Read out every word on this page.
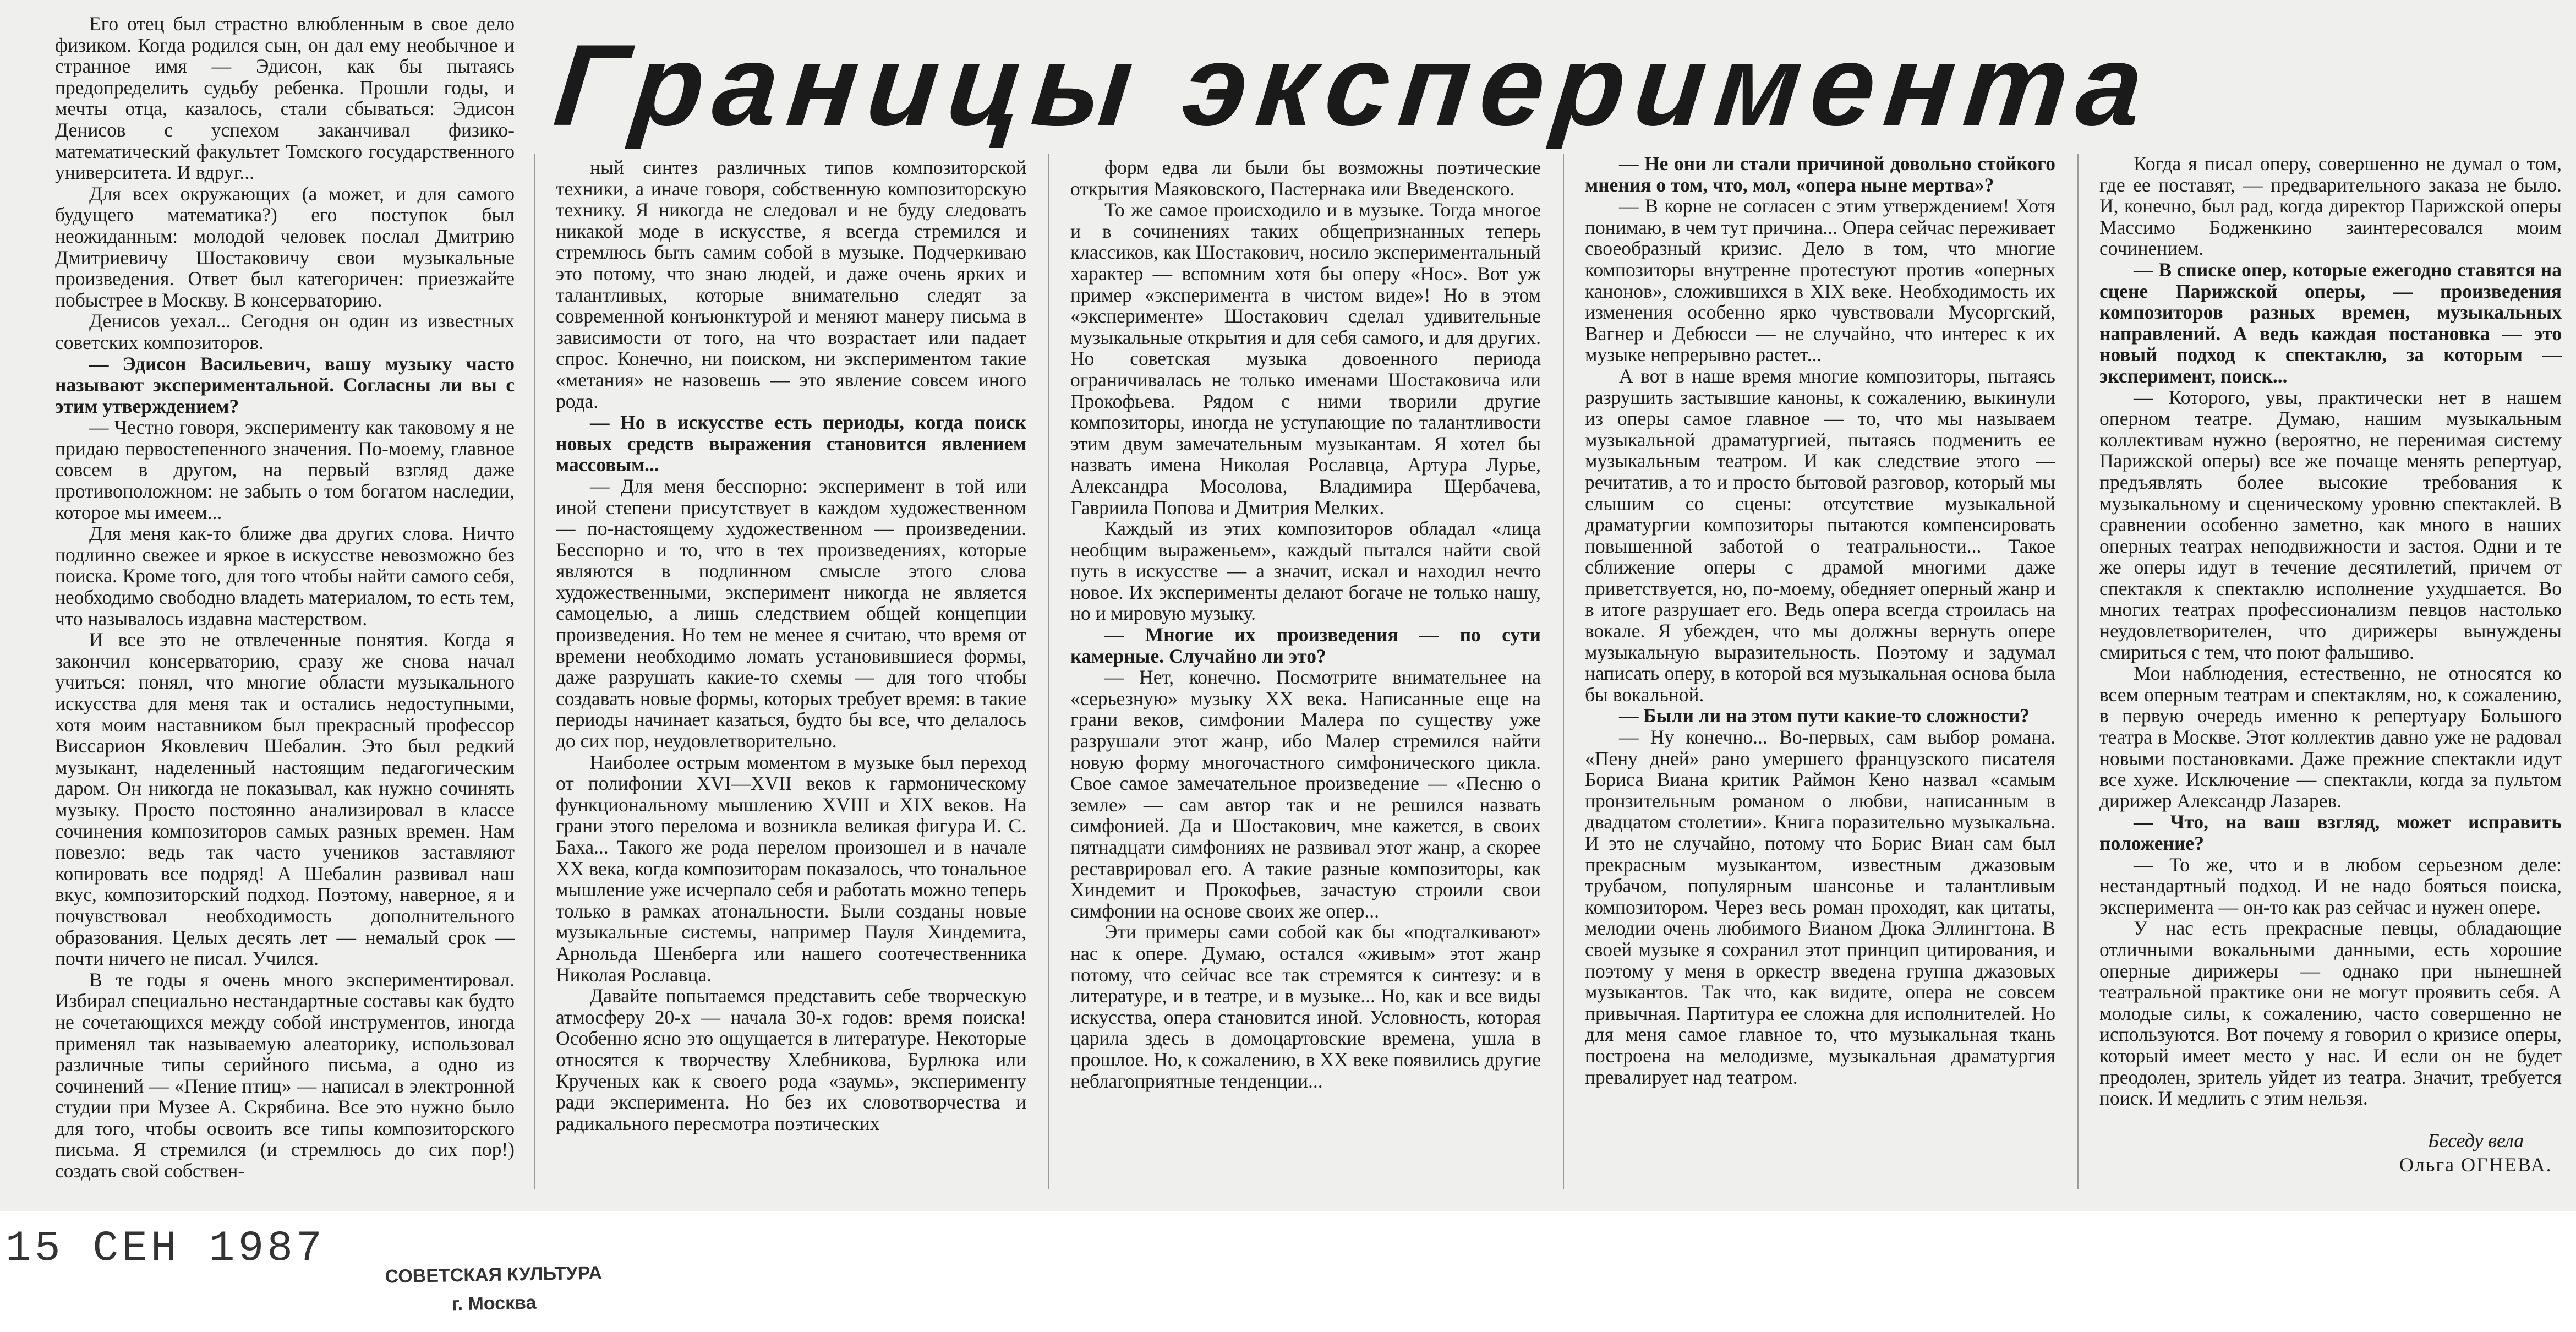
Границы эксперимента

Его отец был страстно влюбленным в свое дело физиком. Когда родился сын, он дал ему необычное и странное имя — Эдисон, как бы пытаясь предопределить судьбу ребенка. Прошли годы, и мечты отца, казалось, стали сбываться: Эдисон Денисов с успехом заканчивал физико-математический факультет Томского государственного университета. И вдруг...

Для всех окружающих (а может, и для самого будущего математика?) его поступок был неожиданным: молодой человек послал Дмитрию Дмитриевичу Шостаковичу свои музыкальные произведения. Ответ был категоричен: приезжайте побыстрее в Москву. В консерваторию.

Денисов уехал... Сегодня он один из известных советских композиторов.

— Эдисон Васильевич, вашу музыку часто называют экспериментальной. Согласны ли вы с этим утверждением?

— Честно говоря, эксперименту как таковому я не придаю первостепенного значения. По-моему, главное совсем в другом, на первый взгляд даже противоположном: не забыть о том богатом наследии, которое мы имеем...

Для меня как-то ближе два других слова. Ничто подлинно свежее и яркое в искусстве невозможно без поиска. Кроме того, для того чтобы найти самого себя, необходимо свободно владеть материалом, то есть тем, что называлось издавна мастерством.

И все это не отвлеченные понятия. Когда я закончил консерваторию, сразу же снова начал учиться: понял, что многие области музыкального искусства для меня так и остались недоступными, хотя моим наставником был прекрасный профессор Виссарион Яковлевич Шебалин. Это был редкий музыкант, наделенный настоящим педагогическим даром. Он никогда не показывал, как нужно сочинять музыку. Просто постоянно анализировал в классе сочинения композиторов самых разных времен. Нам повезло: ведь так часто учеников заставляют копировать все подряд! А Шебалин развивал наш вкус, композиторский подход. Поэтому, наверное, я и почувствовал необходимость дополнительного образования. Целых десять лет — немалый срок — почти ничего не писал. Учился.

В те годы я очень много экспериментировал. Избирал специально нестандартные составы как будто не сочетающихся между собой инструментов, иногда применял так называемую алеаторику, использовал различные типы серийного письма, а одно из сочинений — «Пение птиц» — написал в электронной студии при Музее А. Скрябина. Все это нужно было для того, чтобы освоить все типы композиторского письма. Я стремился (и стремлюсь до сих пор!) создать свой собствен-

ный синтез различных типов композиторской техники, а иначе говоря, собственную композиторскую технику. Я никогда не следовал и не буду следовать никакой моде в искусстве, я всегда стремился и стремлюсь быть самим собой в музыке. Подчеркиваю это потому, что знаю людей, и даже очень ярких и талантливых, которые внимательно следят за современной конъюнктурой и меняют манеру письма в зависимости от того, на что возрастает или падает спрос. Конечно, ни поиском, ни экспериментом такие «метания» не назовешь — это явление совсем иного рода.

— Но в искусстве есть периоды, когда поиск новых средств выражения становится явлением массовым...

— Для меня бесспорно: эксперимент в той или иной степени присутствует в каждом художественном — по-настоящему художественном — произведении. Бесспорно и то, что в тех произведениях, которые являются в подлинном смысле этого слова художественными, эксперимент никогда не является самоцелью, а лишь следствием общей концепции произведения. Но тем не менее я считаю, что время от времени необходимо ломать установившиеся формы, даже разрушать какие-то схемы — для того чтобы создавать новые формы, которых требует время: в такие периоды начинает казаться, будто бы все, что делалось до сих пор, неудовлетворительно.

Наиболее острым моментом в музыке был переход от полифонии XVI—XVII веков к гармоническому функциональному мышлению XVIII и XIX веков. На грани этого перелома и возникла великая фигура И. С. Баха... Такого же рода перелом произошел и в начале XX века, когда композиторам показалось, что тональное мышление уже исчерпало себя и работать можно теперь только в рамках атональности. Были созданы новые музыкальные системы, например Пауля Хиндемита, Арнольда Шенберга или нашего соотечественника Николая Рославца.

Давайте попытаемся представить себе творческую атмосферу 20-х — начала 30-х годов: время поиска! Особенно ясно это ощущается в литературе. Некоторые относятся к творчеству Хлебникова, Бурлюка или Крученых как к своего рода «заумь», эксперименту ради эксперимента. Но без их словотворчества и радикального пересмотра поэтических

форм едва ли были бы возможны поэтические открытия Маяковского, Пастернака или Введенского.

То же самое происходило и в музыке. Тогда многое и в сочинениях таких общепризнанных теперь классиков, как Шостакович, носило экспериментальный характер — вспомним хотя бы оперу «Нос». Вот уж пример «эксперимента в чистом виде»! Но в этом «эксперименте» Шостакович сделал удивительные музыкальные открытия и для себя самого, и для других. Но советская музыка довоенного периода ограничивалась не только именами Шостаковича или Прокофьева. Рядом с ними творили другие композиторы, иногда не уступающие по талантливости этим двум замечательным музыкантам. Я хотел бы назвать имена Николая Рославца, Артура Лурье, Александра Мосолова, Владимира Щербачева, Гавриила Попова и Дмитрия Мелких.

Каждый из этих композиторов обладал «лица необщим выраженьем», каждый пытался найти свой путь в искусстве — а значит, искал и находил нечто новое. Их эксперименты делают богаче не только нашу, но и мировую музыку.

— Многие их произведения — по сути камерные. Случайно ли это?

— Нет, конечно. Посмотрите внимательнее на «серьезную» музыку XX века. Написанные еще на грани веков, симфонии Малера по существу уже разрушали этот жанр, ибо Малер стремился найти новую форму многочастного симфонического цикла. Свое самое замечательное произведение — «Песню о земле» — сам автор так и не решился назвать симфонией. Да и Шостакович, мне кажется, в своих пятнадцати симфониях не развивал этот жанр, а скорее реставрировал его. А такие разные композиторы, как Хиндемит и Прокофьев, зачастую строили свои симфонии на основе своих же опер...

Эти примеры сами собой как бы «подталкивают» нас к опере. Думаю, остался «живым» этот жанр потому, что сейчас все так стремятся к синтезу: и в литературе, и в театре, и в музыке... Но, как и все виды искусства, опера становится иной. Условность, которая царила здесь в домоцартовские времена, ушла в прошлое. Но, к сожалению, в XX веке появились другие неблагоприятные тенденции...

— Не они ли стали причиной довольно стойкого мнения о том, что, мол, «опера ныне мертва»?

— В корне не согласен с этим утверждением! Хотя понимаю, в чем тут причина... Опера сейчас переживает своеобразный кризис. Дело в том, что многие композиторы внутренне протестуют против «оперных канонов», сложившихся в XIX веке. Необходимость их изменения особенно ярко чувствовали Мусоргский, Вагнер и Дебюсси — не случайно, что интерес к их музыке непрерывно растет...

А вот в наше время многие композиторы, пытаясь разрушить застывшие каноны, к сожалению, выкинули из оперы самое главное — то, что мы называем музыкальной драматургией, пытаясь подменить ее музыкальным театром. И как следствие этого — речитатив, а то и просто бытовой разговор, который мы слышим со сцены: отсутствие музыкальной драматургии композиторы пытаются компенсировать повышенной заботой о театральности... Такое сближение оперы с драмой многими даже приветствуется, но, по-моему, обедняет оперный жанр и в итоге разрушает его. Ведь опера всегда строилась на вокале. Я убежден, что мы должны вернуть опере музыкальную выразительность. Поэтому и задумал написать оперу, в которой вся музыкальная основа была бы вокальной.

— Были ли на этом пути какие-то сложности?

— Ну конечно... Во-первых, сам выбор романа. «Пену дней» рано умершего французского писателя Бориса Виана критик Раймон Кено назвал «самым пронзительным романом о любви, написанным в двадцатом столетии». Книга поразительно музыкальна. И это не случайно, потому что Борис Виан сам был прекрасным музыкантом, известным джазовым трубачом, популярным шансонье и талантливым композитором. Через весь роман проходят, как цитаты, мелодии очень любимого Вианом Дюка Эллингтона. В своей музыке я сохранил этот принцип цитирования, и поэтому у меня в оркестр введена группа джазовых музыкантов. Так что, как видите, опера не совсем привычная. Партитура ее сложна для исполнителей. Но для меня самое главное то, что музыкальная ткань построена на мелодизме, музыкальная драматургия превалирует над театром.

Когда я писал оперу, совершенно не думал о том, где ее поставят, — предварительного заказа не было. И, конечно, был рад, когда директор Парижской оперы Массимо Бодженкино заинтересовался моим сочинением.

— В списке опер, которые ежегодно ставятся на сцене Парижской оперы, — произведения композиторов разных времен, музыкальных направлений. А ведь каждая постановка — это новый подход к спектаклю, за которым — эксперимент, поиск...

— Которого, увы, практически нет в нашем оперном театре. Думаю, нашим музыкальным коллективам нужно (вероятно, не перенимая систему Парижской оперы) все же почаще менять репертуар, предъявлять более высокие требования к музыкальному и сценическому уровню спектаклей. В сравнении особенно заметно, как много в наших оперных театрах неподвижности и застоя. Одни и те же оперы идут в течение десятилетий, причем от спектакля к спектаклю исполнение ухудшается. Во многих театрах профессионализм певцов настолько неудовлетворителен, что дирижеры вынуждены смириться с тем, что поют фальшиво.

Мои наблюдения, естественно, не относятся ко всем оперным театрам и спектаклям, но, к сожалению, в первую очередь именно к репертуару Большого театра в Москве. Этот коллектив давно уже не радовал новыми постановками. Даже прежние спектакли идут все хуже. Исключение — спектакли, когда за пультом дирижер Александр Лазарев.

— Что, на ваш взгляд, может исправить положение?

— То же, что и в любом серьезном деле: нестандартный подход. И не надо бояться поиска, эксперимента — он-то как раз сейчас и нужен опере.

У нас есть прекрасные певцы, обладающие отличными вокальными данными, есть хорошие оперные дирижеры — однако при нынешней театральной практике они не могут проявить себя. А молодые силы, к сожалению, часто совершенно не используются. Вот почему я говорил о кризисе оперы, который имеет место у нас. И если он не будет преодолен, зритель уйдет из театра. Значит, требуется поиск. И медлить с этим нельзя.

Беседу вела
Ольга ОГНЕВА.

15 СЕН 1987
СОВЕТСКАЯ КУЛЬТУРА
г. Москва
